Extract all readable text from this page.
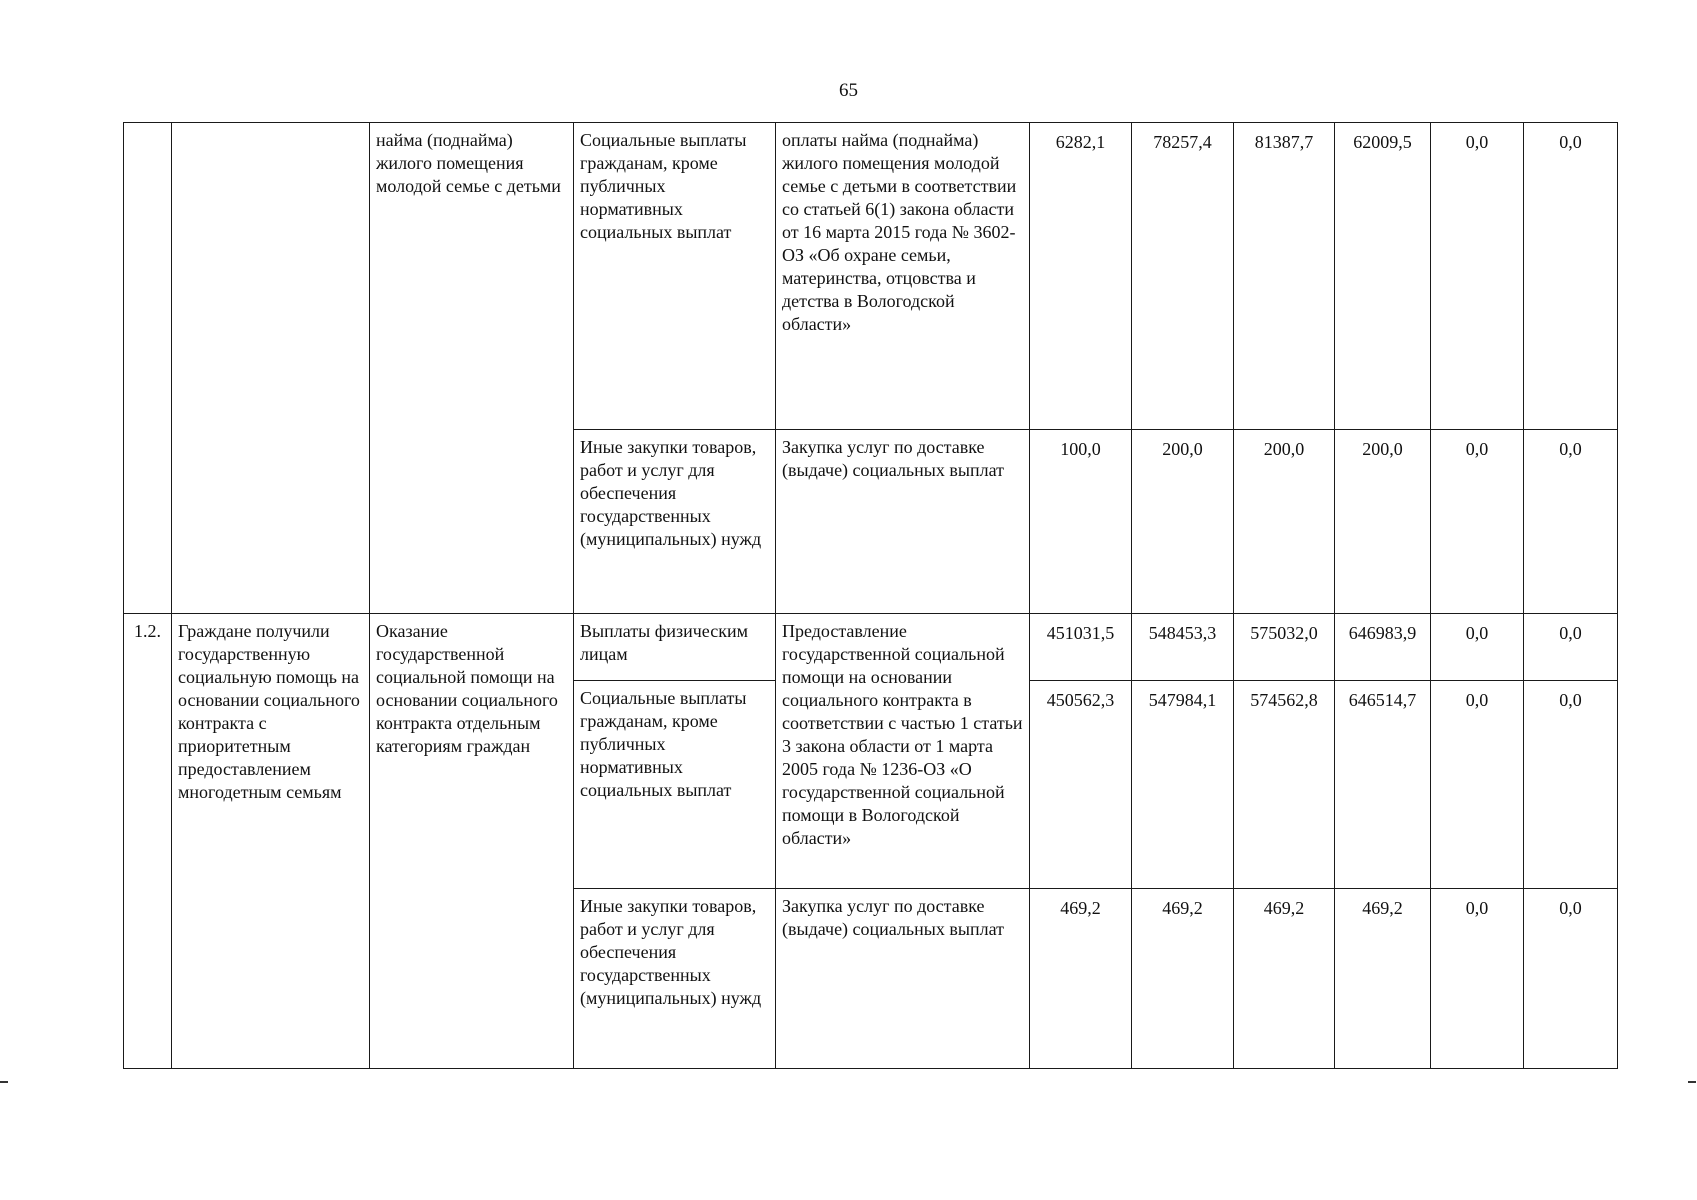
65
		найма (поднайма) жилого помещения молодой семье с детьми	Социальные выплаты гражданам, кроме публичных нормативных социальных выплат	оплаты найма (поднайма) жилого помещения молодой семье с детьми в соответствии со статьей 6(1) закона области от 16 марта 2015 года № 3602-ОЗ «Об охране семьи, материнства, отцовства и детства в Вологодской области»	6282,1	78257,4	81387,7	62009,5	0,0	0,0
			Иные закупки товаров, работ и услуг для обеспечения государственных (муниципальных) нужд	Закупка услуг по доставке (выдаче) социальных выплат	100,0	200,0	200,0	200,0	0,0	0,0
1.2.	Граждане получили государственную социальную помощь на основании социального контракта с приоритетным предоставлением многодетным семьям	Оказание государственной социальной помощи на основании социального контракта отдельным категориям граждан	Выплаты физическим лицам	Предоставление государственной социальной помощи на основании социального контракта в соответствии с частью 1 статьи 3 закона области от 1 марта 2005 года № 1236-ОЗ «О государственной социальной помощи в Вологодской области»	451031,5	548453,3	575032,0	646983,9	0,0	0,0
			Социальные выплаты гражданам, кроме публичных нормативных социальных выплат		450562,3	547984,1	574562,8	646514,7	0,0	0,0
			Иные закупки товаров, работ и услуг для обеспечения государственных (муниципальных) нужд	Закупка услуг по доставке (выдаче) социальных выплат	469,2	469,2	469,2	469,2	0,0	0,0
